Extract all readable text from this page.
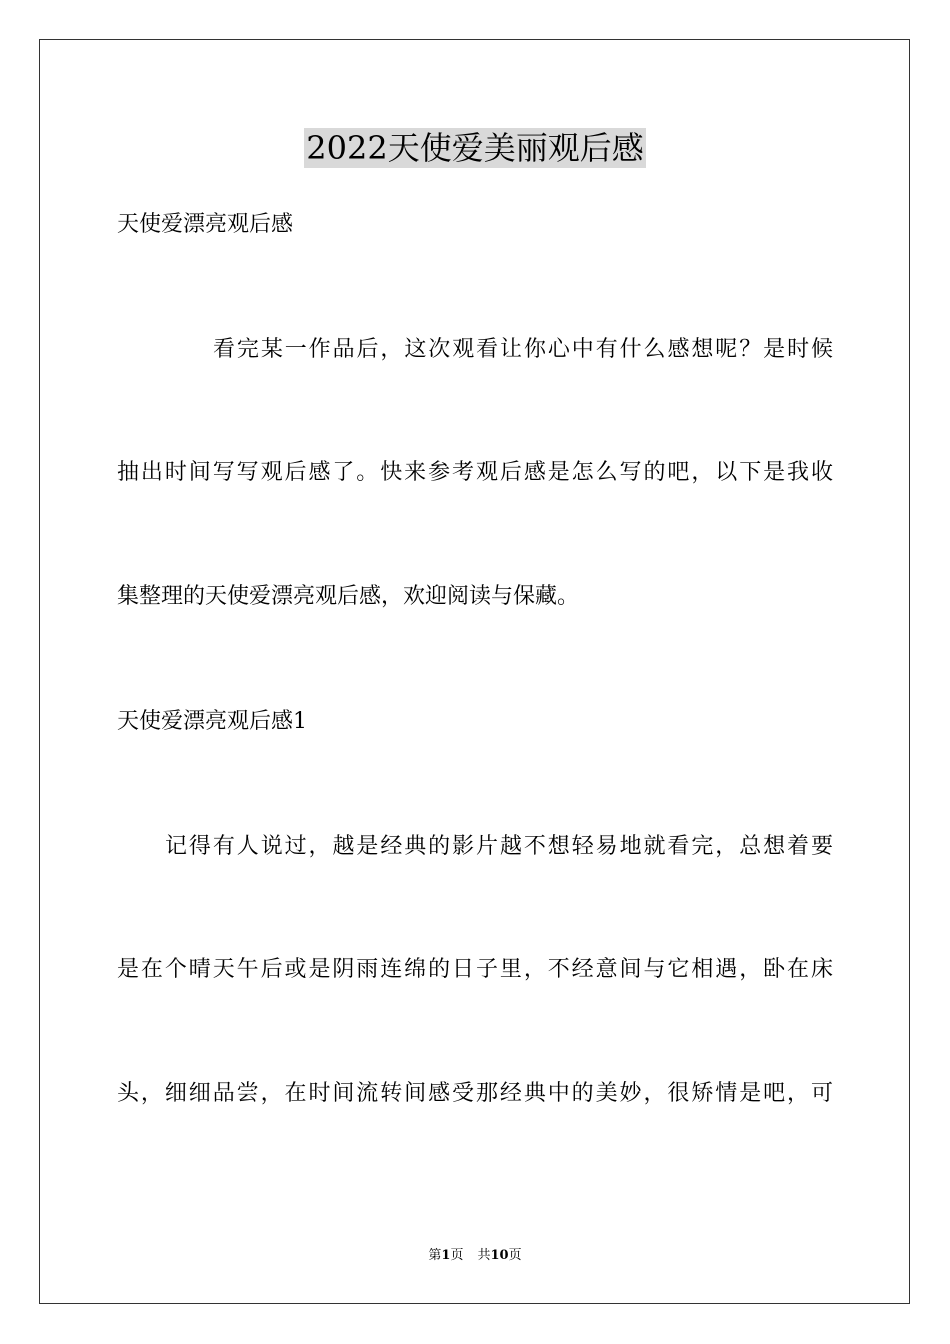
2022天使爱美丽观后感
天使爱漂亮观后感
看完某一作品后，这次观看让你心中有什么感想呢？是时候
抽出时间写写观后感了。快来参考观后感是怎么写的吧，以下是我收
集整理的天使爱漂亮观后感，欢迎阅读与保藏。
天使爱漂亮观后感1
记得有人说过，越是经典的影片越不想轻易地就看完，总想着要
是在个晴天午后或是阴雨连绵的日子里，不经意间与它相遇，卧在床
头，细细品尝，在时间流转间感受那经典中的美妙，很矫情是吧，可
第1页 共10页
